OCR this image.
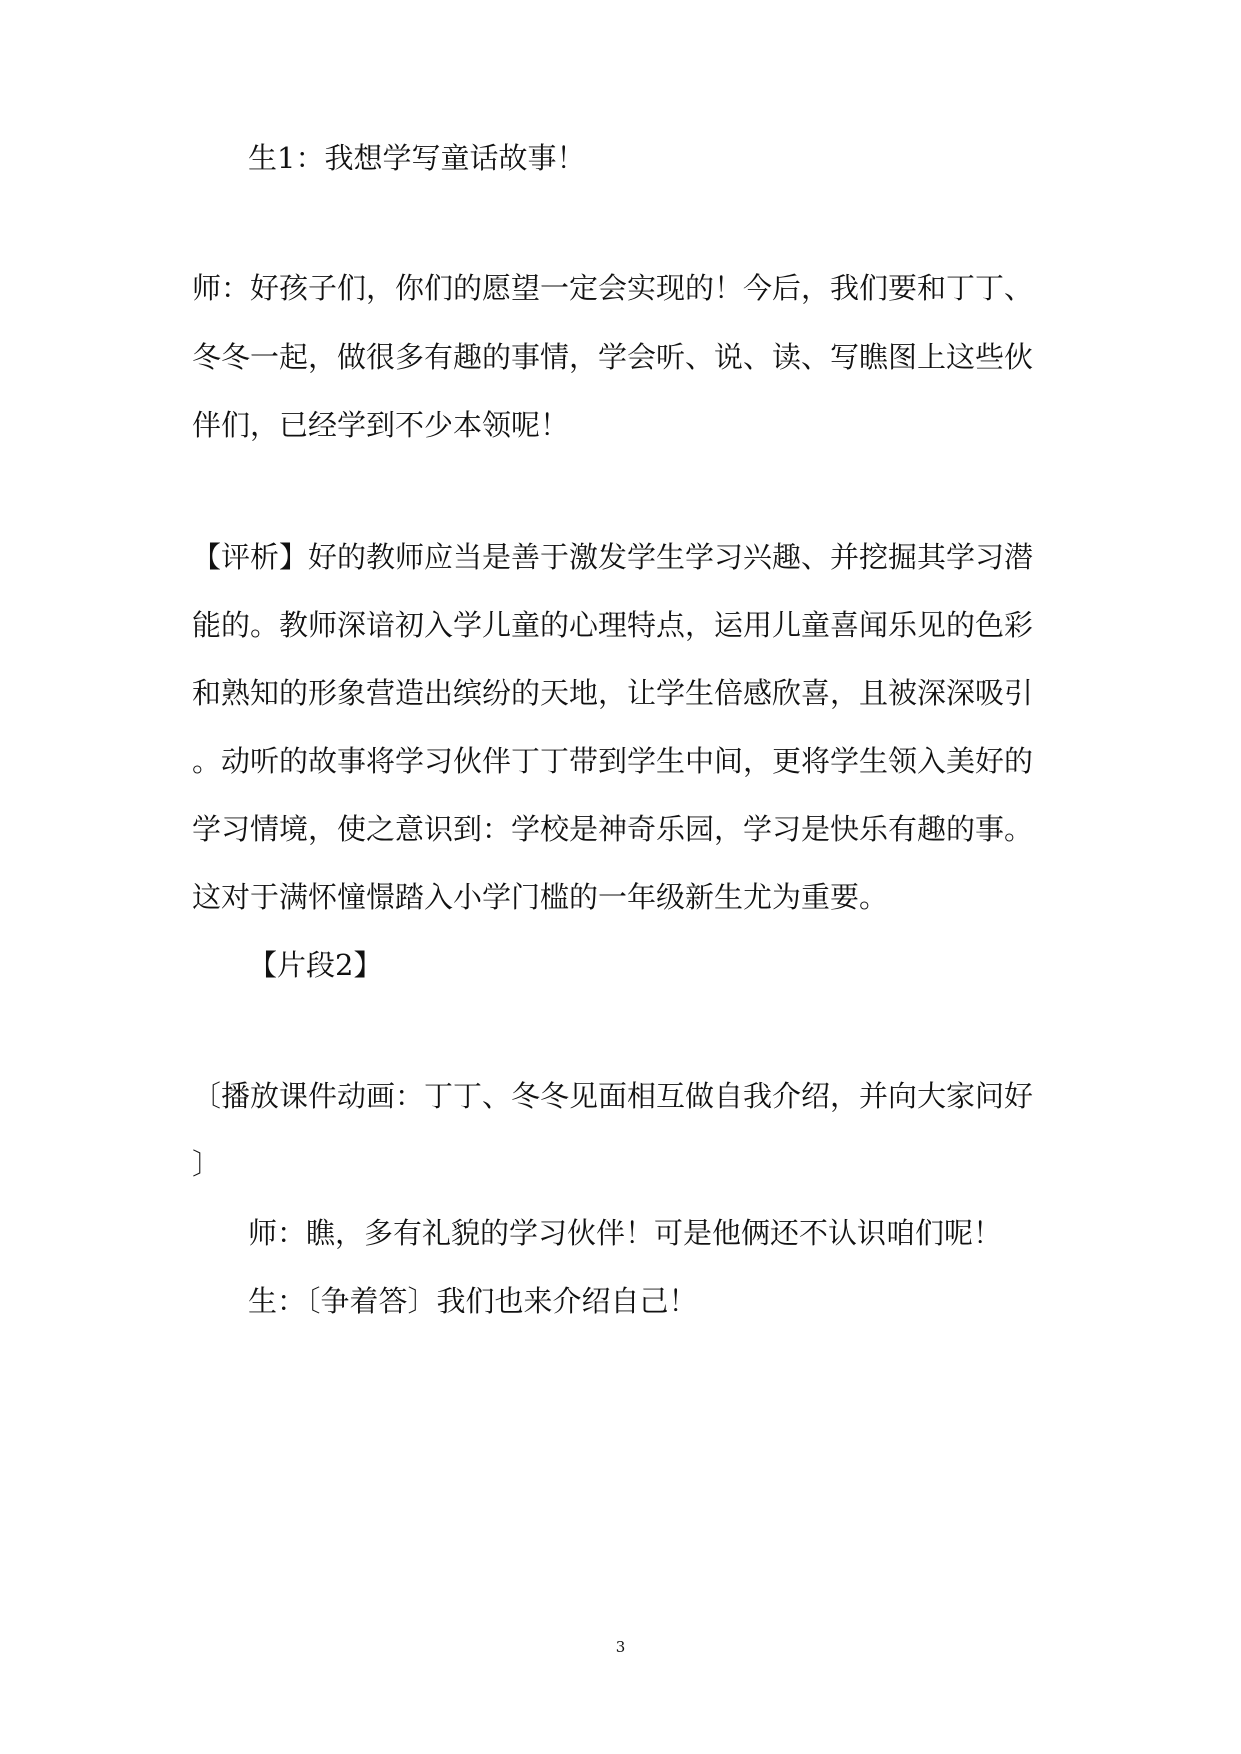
生1：我想学写童话故事！
师：好孩子们，你们的愿望一定会实现的！今后，我们要和丁丁、
冬冬一起，做很多有趣的事情，学会听、说、读、写瞧图上这些伙
伴们，已经学到不少本领呢！
【评析】好的教师应当是善于激发学生学习兴趣、并挖掘其学习潜
能的。教师深谙初入学儿童的心理特点，运用儿童喜闻乐见的色彩
和熟知的形象营造出缤纷的天地，让学生倍感欣喜，且被深深吸引
。动听的故事将学习伙伴丁丁带到学生中间，更将学生领入美好的
学习情境，使之意识到：学校是神奇乐园，学习是快乐有趣的事。
这对于满怀憧憬踏入小学门槛的一年级新生尤为重要。
【片段2】
〔播放课件动画：丁丁、冬冬见面相互做自我介绍，并向大家问好
〕
师：瞧，多有礼貌的学习伙伴！可是他俩还不认识咱们呢！
生：〔争着答〕我们也来介绍自己！
3
